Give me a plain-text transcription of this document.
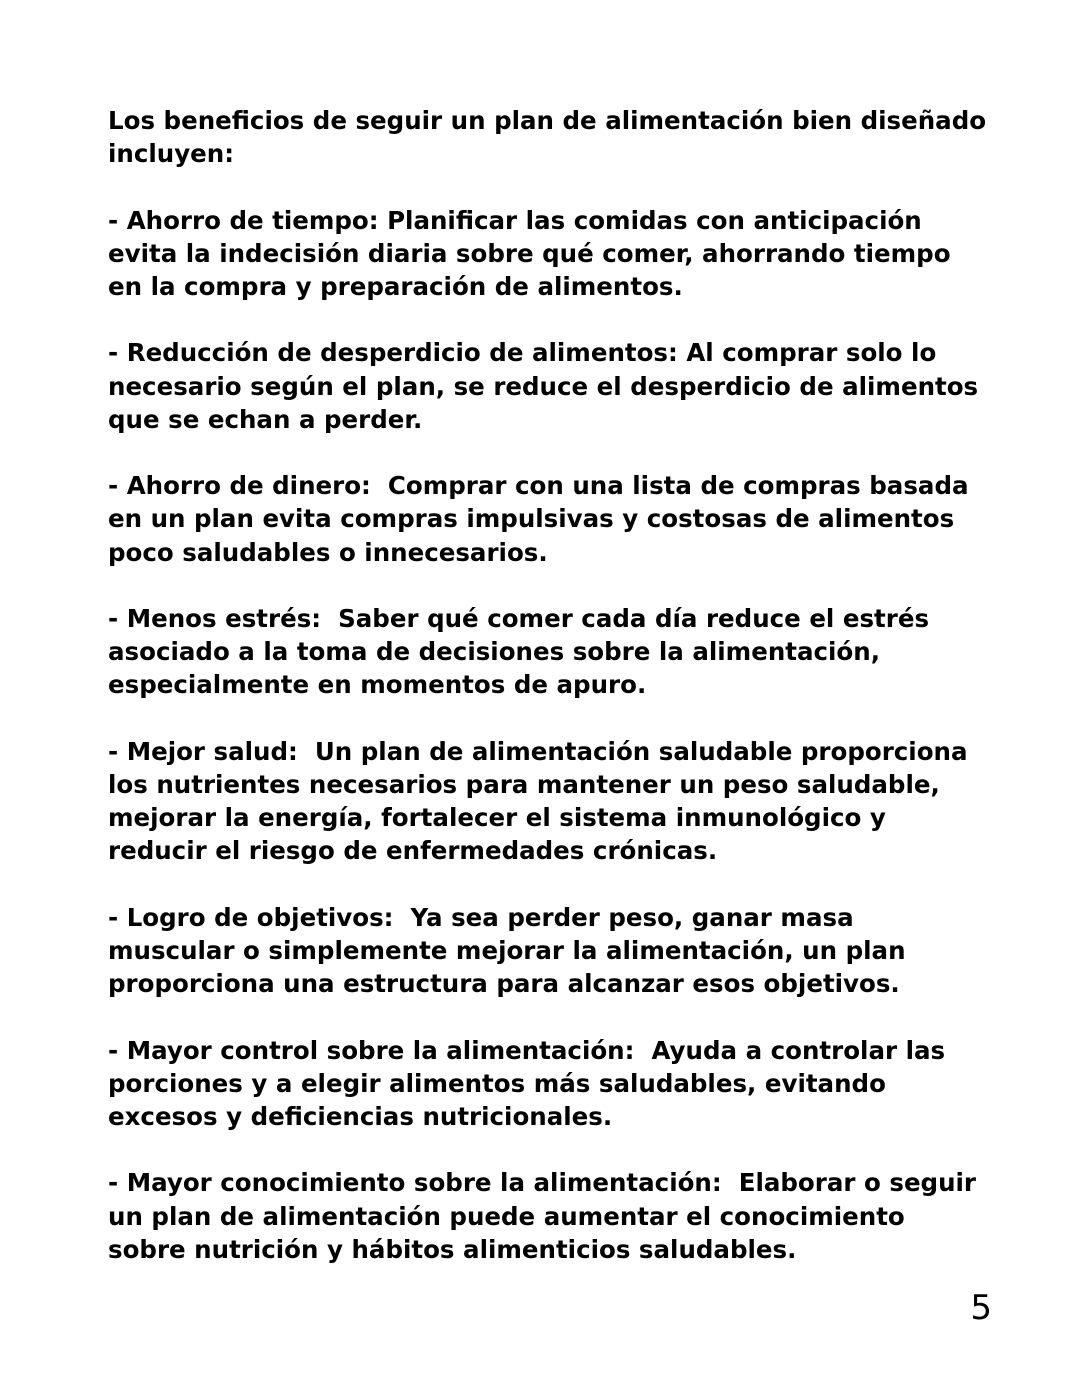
Los beneficios de seguir un plan de alimentación bien diseñado incluyen:

- Ahorro de tiempo: Planificar las comidas con anticipación evita la indecisión diaria sobre qué comer, ahorrando tiempo en la compra y preparación de alimentos.

- Reducción de desperdicio de alimentos: Al comprar solo lo necesario según el plan, se reduce el desperdicio de alimentos que se echan a perder.

- Ahorro de dinero:  Comprar con una lista de compras basada en un plan evita compras impulsivas y costosas de alimentos poco saludables o innecesarios.

- Menos estrés:  Saber qué comer cada día reduce el estrés asociado a la toma de decisiones sobre la alimentación, especialmente en momentos de apuro.

- Mejor salud:  Un plan de alimentación saludable proporciona los nutrientes necesarios para mantener un peso saludable, mejorar la energía, fortalecer el sistema inmunológico y reducir el riesgo de enfermedades crónicas.

- Logro de objetivos:  Ya sea perder peso, ganar masa muscular o simplemente mejorar la alimentación, un plan proporciona una estructura para alcanzar esos objetivos.

- Mayor control sobre la alimentación:  Ayuda a controlar las porciones y a elegir alimentos más saludables, evitando excesos y deficiencias nutricionales.

- Mayor conocimiento sobre la alimentación:  Elaborar o seguir un plan de alimentación puede aumentar el conocimiento sobre nutrición y hábitos alimenticios saludables.

5
